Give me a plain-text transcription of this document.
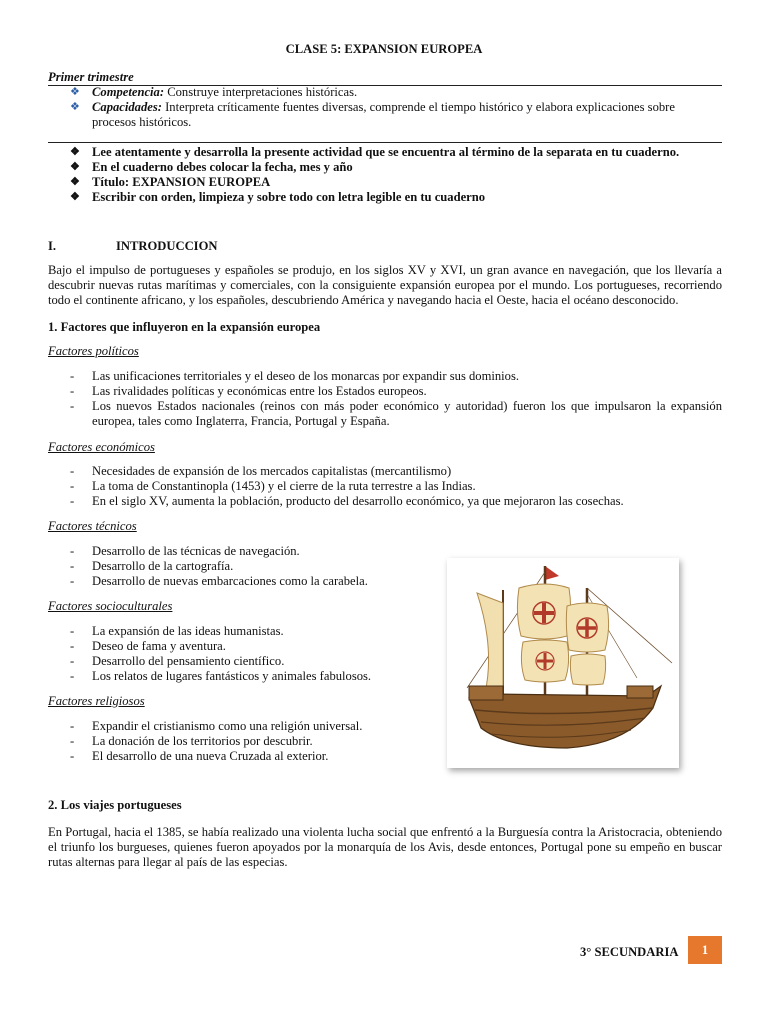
CLASE 5: EXPANSION EUROPEA
Primer trimestre
❖ Competencia: Construye interpretaciones históricas.
❖ Capacidades: Interpreta críticamente fuentes diversas, comprende el tiempo histórico y elabora explicaciones sobre procesos históricos.
❖ Lee atentamente y desarrolla la presente actividad que se encuentra al término de la separata en tu cuaderno.
❖ En el cuaderno debes colocar la fecha, mes y año
❖ Título: EXPANSION EUROPEA
❖ Escribir con orden, limpieza y sobre todo con letra legible en tu cuaderno
I.	INTRODUCCION
Bajo el impulso de portugueses y españoles se produjo, en los siglos XV y XVI, un gran avance en navegación, que los llevaría a descubrir nuevas rutas marítimas y comerciales, con la consiguiente expansión europea por el mundo. Los portugueses, recorriendo todo el continente africano, y los españoles, descubriendo América y navegando hacia el Oeste, hacia el océano desconocido.
1. Factores que influyeron en la expansión europea
Factores políticos
- Las unificaciones territoriales y el deseo de los monarcas por expandir sus dominios.
- Las rivalidades políticas y económicas entre los Estados europeos.
- Los nuevos Estados nacionales (reinos con más poder económico y autoridad) fueron los que impulsaron la expansión europea, tales como Inglaterra, Francia, Portugal y España.
Factores económicos
- Necesidades de expansión de los mercados capitalistas (mercantilismo)
- La toma de Constantinopla (1453) y el cierre de la ruta terrestre a las Indias.
- En el siglo XV, aumenta la población, producto del desarrollo económico, ya que mejoraron las cosechas.
Factores técnicos
- Desarrollo de las técnicas de navegación.
- Desarrollo de la cartografía.
- Desarrollo de nuevas embarcaciones como la carabela.
Factores socioculturales
- La expansión de las ideas humanistas.
- Deseo de fama y aventura.
- Desarrollo del pensamiento científico.
- Los relatos de lugares fantásticos y animales fabulosos.
Factores religiosos
- Expandir el cristianismo como una religión universal.
- La donación de los territorios por descubrir.
- El desarrollo de una nueva Cruzada al exterior.
2. Los viajes portugueses
En Portugal, hacia el 1385, se había realizado una violenta lucha social que enfrentó a la Burguesía contra la Aristocracia, obteniendo el triunfo los burgueses, quienes fueron apoyados por la monarquía de los Avis, desde entonces, Portugal pone su empeño en buscar rutas alternas para llegar al país de las especias.
3° SECUNDARIA	1
